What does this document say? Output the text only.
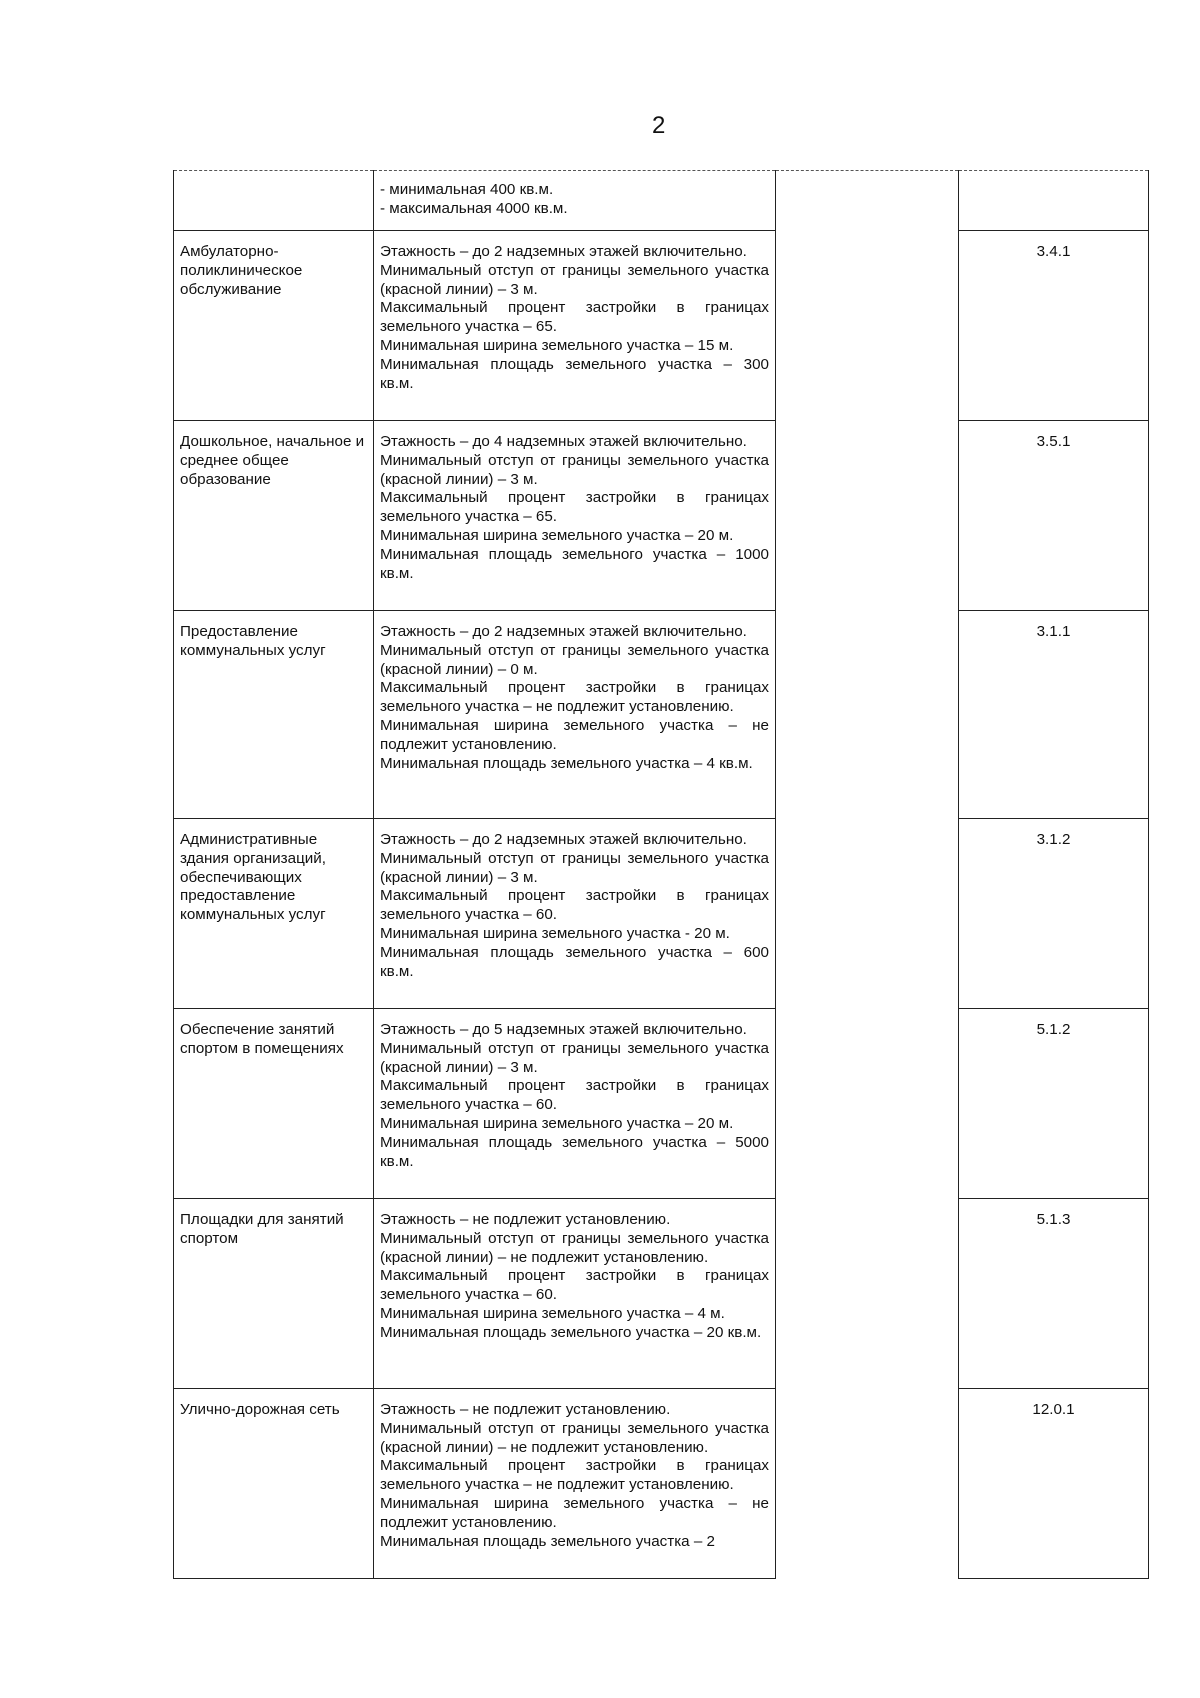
2

	- минимальная 400 кв.м.
- максимальная 4000 кв.м.		

Амбулаторно-поликлиническое обслуживание	Этажность – до 2 надземных этажей включительно.
Минимальный отступ от границы земельного участка (красной линии) – 3 м.
Максимальный процент застройки в границах земельного участка – 65.
Минимальная ширина земельного участка – 15 м.
Минимальная площадь земельного участка – 300 кв.м.		3.4.1
Дошкольное, начальное и среднее общее образование	Этажность – до 4 надземных этажей включительно.
Минимальный отступ от границы земельного участка (красной линии) – 3 м.
Максимальный процент застройки в границах земельного участка – 65.
Минимальная ширина земельного участка – 20 м.
Минимальная площадь земельного участка – 1000 кв.м.		3.5.1
Предоставление коммунальных услуг	Этажность – до 2 надземных этажей включительно.
Минимальный отступ от границы земельного участка (красной линии) – 0 м.
Максимальный процент застройки в границах земельного участка – не подлежит установлению.
Минимальная ширина земельного участка – не подлежит установлению.
Минимальная площадь земельного участка – 4 кв.м.		3.1.1
Административные здания организаций, обеспечивающих предоставление коммунальных услуг	Этажность – до 2 надземных этажей включительно.
Минимальный отступ от границы земельного участка (красной линии) – 3 м.
Максимальный процент застройки в границах земельного участка – 60.
Минимальная ширина земельного участка - 20 м.
Минимальная площадь земельного участка – 600 кв.м.		3.1.2
Обеспечение занятий спортом в помещениях	Этажность – до 5 надземных этажей включительно.
Минимальный отступ от границы земельного участка (красной линии) – 3 м.
Максимальный процент застройки в границах земельного участка – 60.
Минимальная ширина земельного участка – 20 м.
Минимальная площадь земельного участка – 5000 кв.м.		5.1.2
Площадки для занятий спортом	Этажность – не подлежит установлению.
Минимальный отступ от границы земельного участка (красной линии) – не подлежит установлению.
Максимальный процент застройки в границах земельного участка – 60.
Минимальная ширина земельного участка – 4 м.
Минимальная площадь земельного участка – 20 кв.м.		5.1.3
Улично-дорожная сеть	Этажность – не подлежит установлению.
Минимальный отступ от границы земельного участка (красной линии) – не подлежит установлению.
Максимальный процент застройки в границах земельного участка – не подлежит установлению.
Минимальная ширина земельного участка – не подлежит установлению.
Минимальная площадь земельного участка – 2		12.0.1
